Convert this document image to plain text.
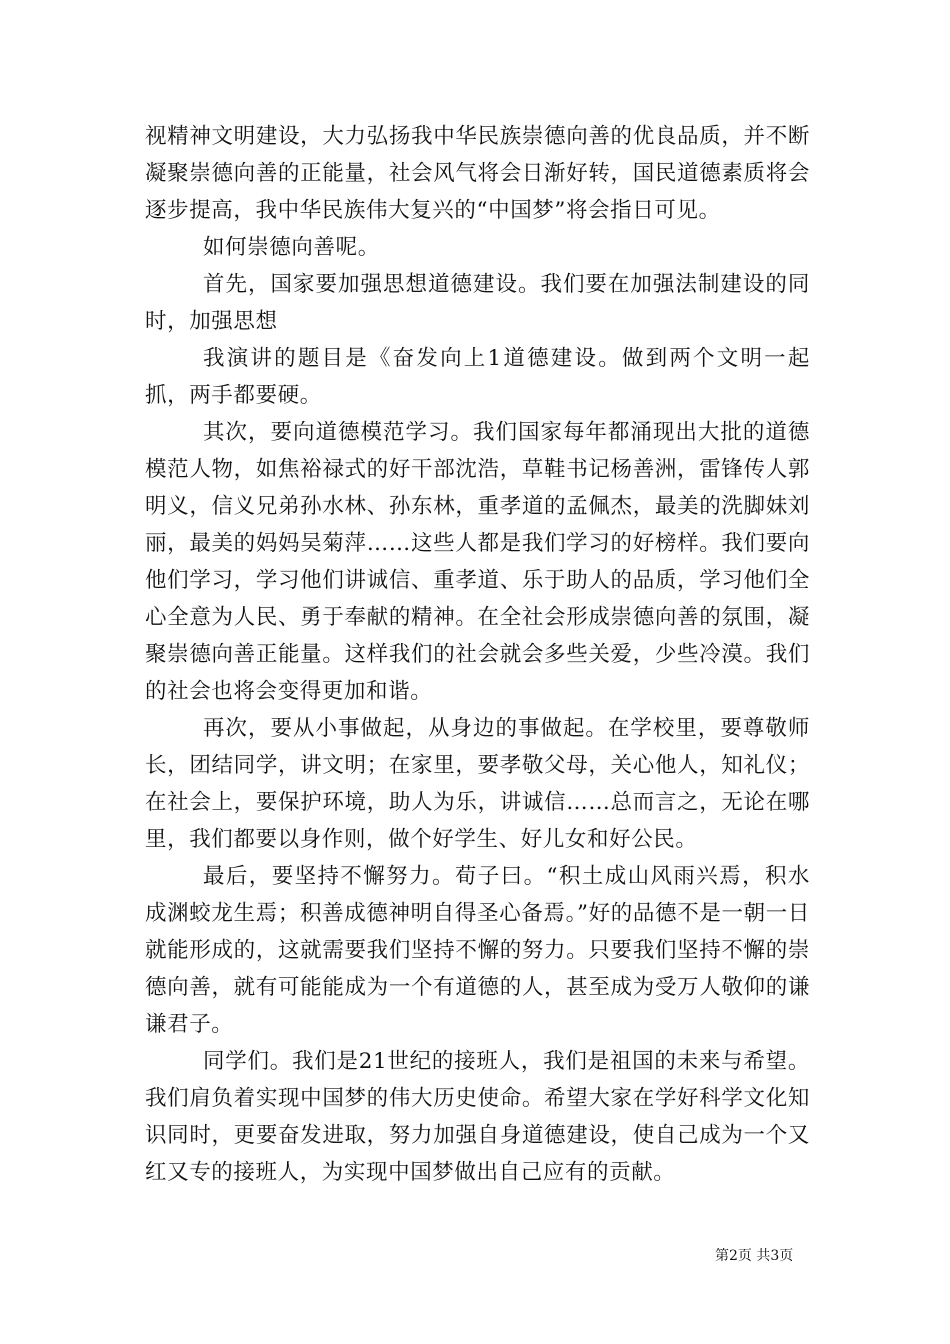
视精神文明建设，大力弘扬我中华民族崇德向善的优良品质，并不断凝聚崇德向善的正能量，社会风气将会日渐好转，国民道德素质将会逐步提高，我中华民族伟大复兴的“中国梦”将会指日可见。

如何崇德向善呢。

首先，国家要加强思想道德建设。我们要在加强法制建设的同时，加强思想

我演讲的题目是《奋发向上1道德建设。做到两个文明一起抓，两手都要硬。

其次，要向道德模范学习。我们国家每年都涌现出大批的道德模范人物，如焦裕禄式的好干部沈浩，草鞋书记杨善洲，雷锋传人郭明义，信义兄弟孙水林、孙东林，重孝道的孟佩杰，最美的洗脚妹刘丽，最美的妈妈吴菊萍……这些人都是我们学习的好榜样。我们要向他们学习，学习他们讲诚信、重孝道、乐于助人的品质，学习他们全心全意为人民、勇于奉献的精神。在全社会形成崇德向善的氛围，凝聚崇德向善正能量。这样我们的社会就会多些关爱，少些冷漠。我们的社会也将会变得更加和谐。

再次，要从小事做起，从身边的事做起。在学校里，要尊敬师长，团结同学，讲文明；在家里，要孝敬父母，关心他人，知礼仪；在社会上，要保护环境，助人为乐，讲诚信……总而言之，无论在哪里，我们都要以身作则，做个好学生、好儿女和好公民。

最后，要坚持不懈努力。荀子曰。“积土成山风雨兴焉，积水成渊蛟龙生焉；积善成德神明自得圣心备焉。”好的品德不是一朝一日就能形成的，这就需要我们坚持不懈的努力。只要我们坚持不懈的崇德向善，就有可能能成为一个有道德的人，甚至成为受万人敬仰的谦谦君子。

同学们。我们是21世纪的接班人，我们是祖国的未来与希望。我们肩负着实现中国梦的伟大历史使命。希望大家在学好科学文化知识同时，更要奋发进取，努力加强自身道德建设，使自己成为一个又红又专的接班人，为实现中国梦做出自己应有的贡献。

第2页 共3页
